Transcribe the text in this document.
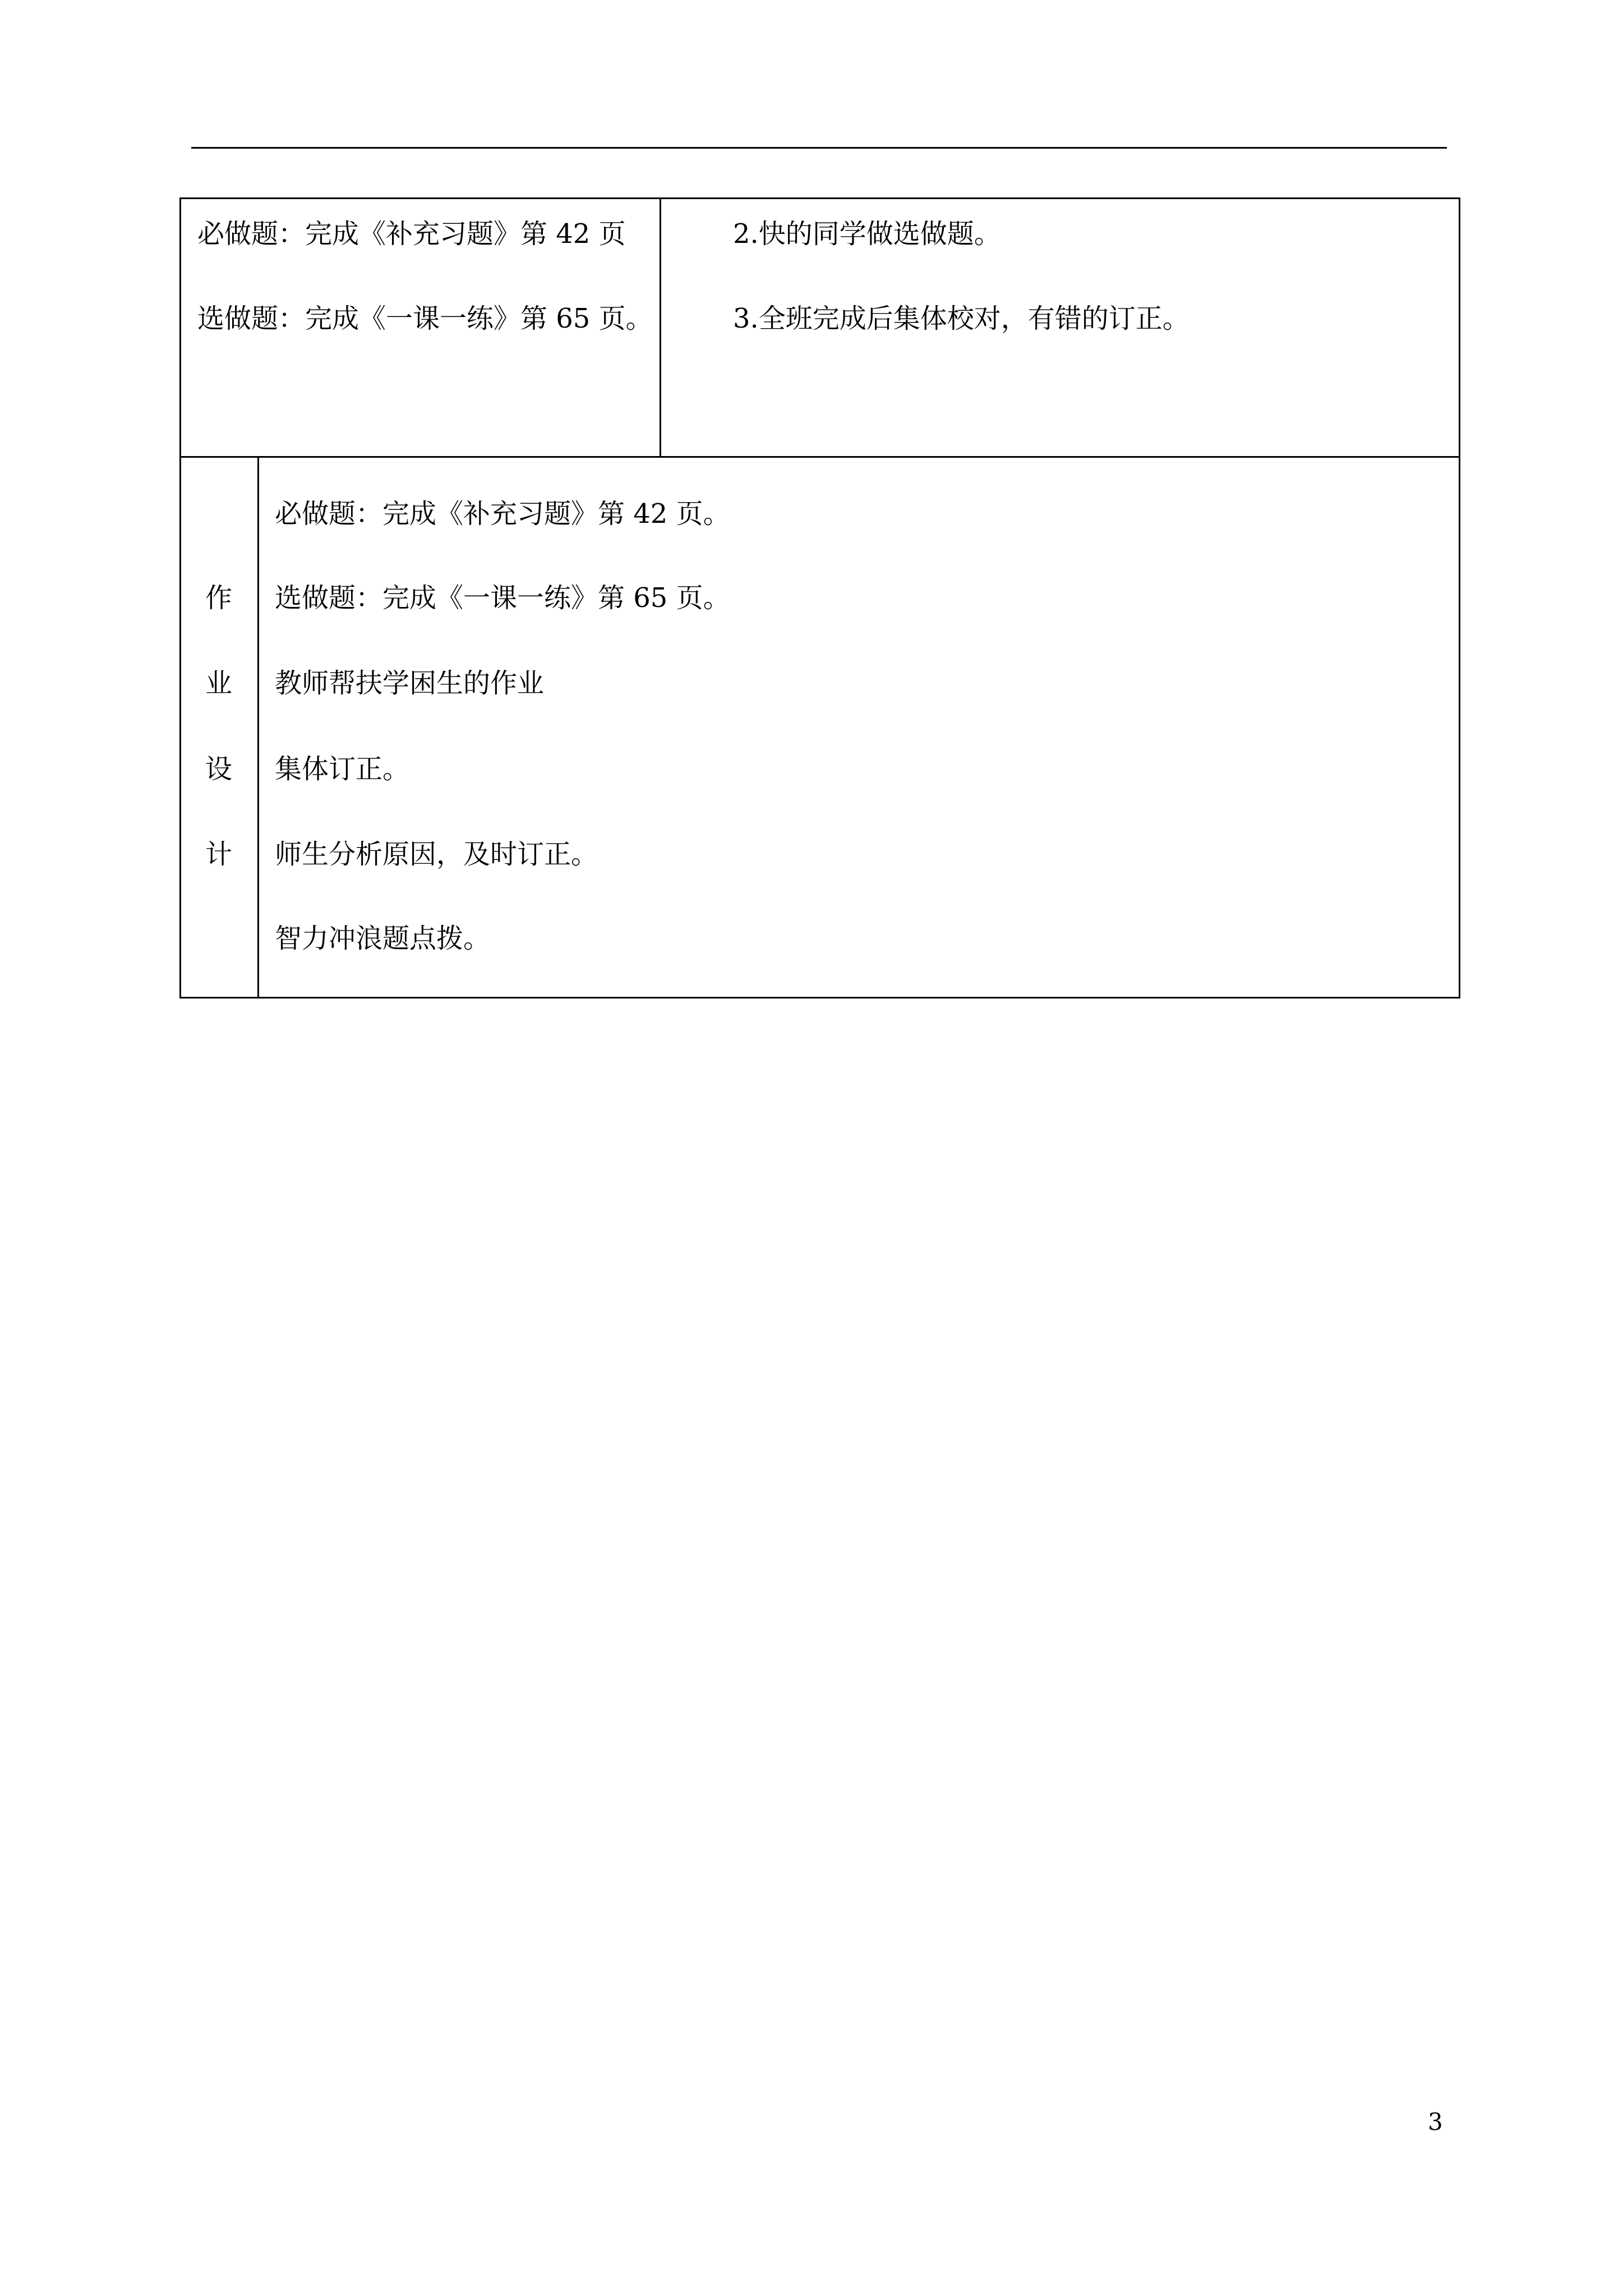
必做题：完成《补充习题》第 42 页

选做题：完成《一课一练》第 65 页。

2.快的同学做选做题。

3.全班完成后集体校对，有错的订正。

作
业
设
计

必做题：完成《补充习题》第 42 页。

选做题：完成《一课一练》第 65 页。

教师帮扶学困生的作业

集体订正。

师生分析原因，及时订正。

智力冲浪题点拨。

3
